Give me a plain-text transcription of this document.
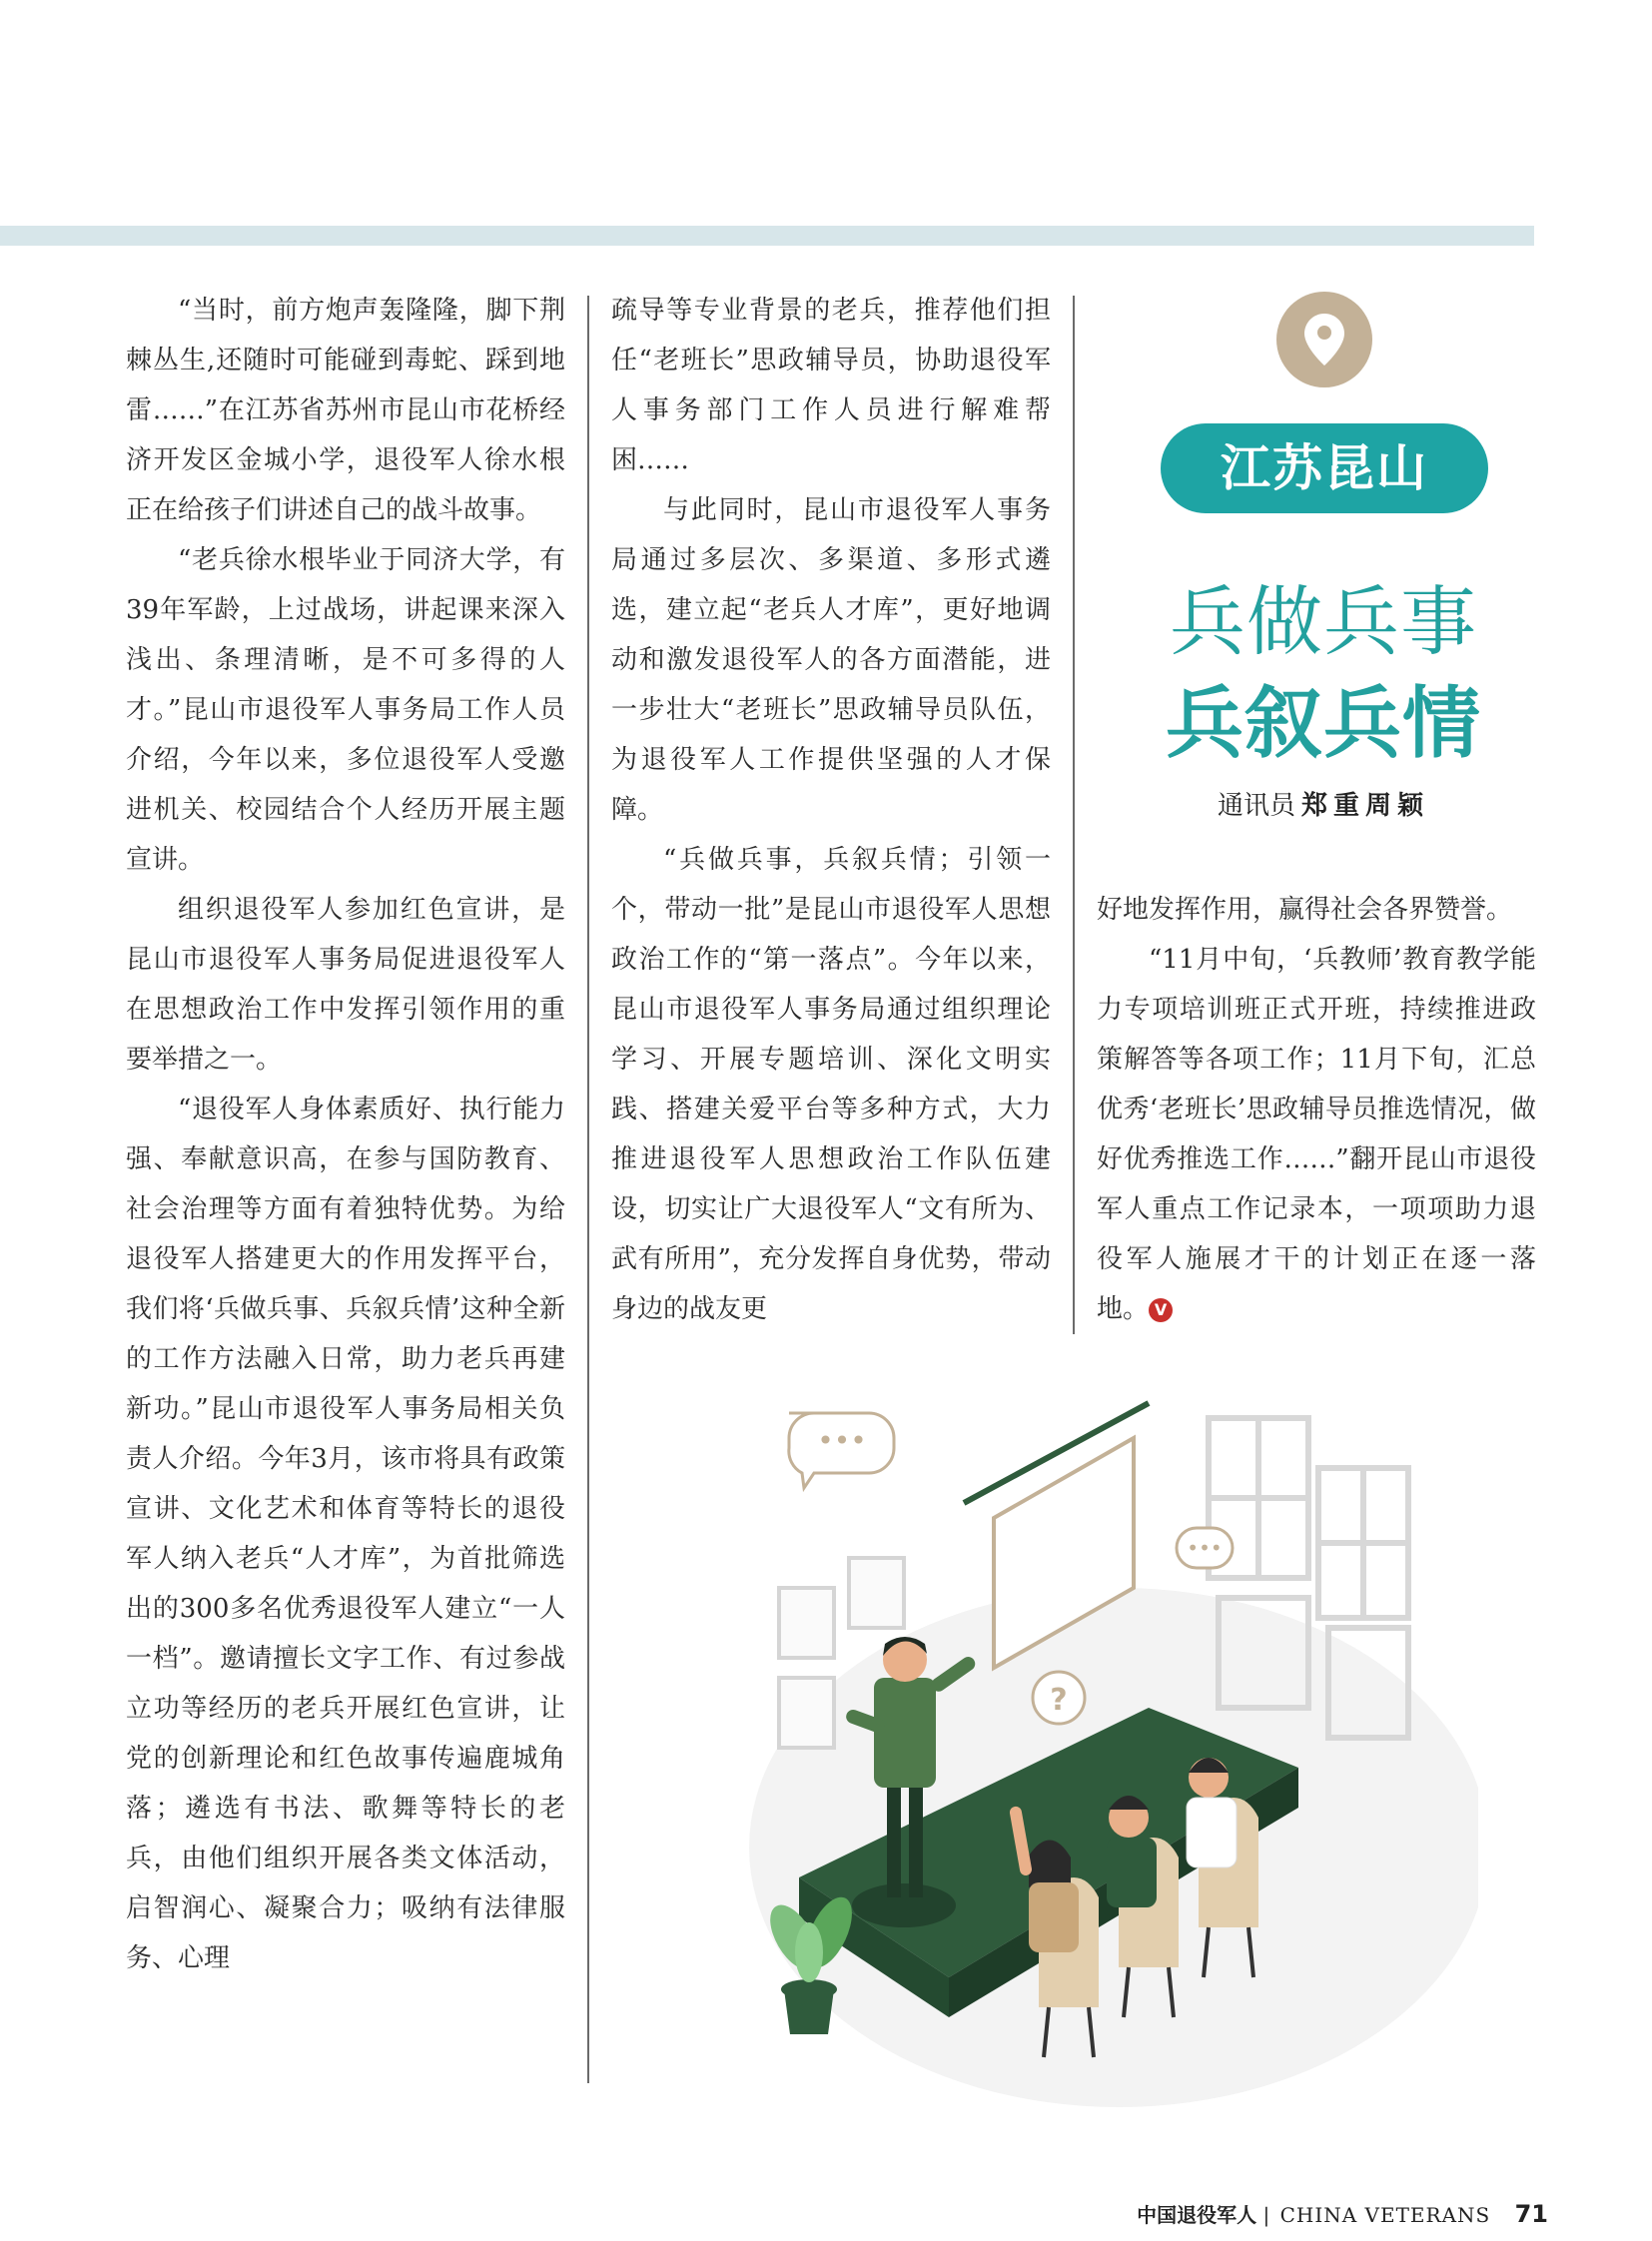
“当时，前方炮声轰隆隆，脚下荆棘丛生,还随时可能碰到毒蛇、踩到地雷……”在江苏省苏州市昆山市花桥经济开发区金城小学，退役军人徐水根正在给孩子们讲述自己的战斗故事。

“老兵徐水根毕业于同济大学，有39年军龄，上过战场，讲起课来深入浅出、条理清晰，是不可多得的人才。”昆山市退役军人事务局工作人员介绍，今年以来，多位退役军人受邀进机关、校园结合个人经历开展主题宣讲。

组织退役军人参加红色宣讲，是昆山市退役军人事务局促进退役军人在思想政治工作中发挥引领作用的重要举措之一。

“退役军人身体素质好、执行能力强、奉献意识高，在参与国防教育、社会治理等方面有着独特优势。为给退役军人搭建更大的作用发挥平台，我们将‘兵做兵事、兵叙兵情’这种全新的工作方法融入日常，助力老兵再建新功。”昆山市退役军人事务局相关负责人介绍。今年3月，该市将具有政策宣讲、文化艺术和体育等特长的退役军人纳入老兵“人才库”，为首批筛选出的300多名优秀退役军人建立“一人一档”。邀请擅长文字工作、有过参战立功等经历的老兵开展红色宣讲，让党的创新理论和红色故事传遍鹿城角落；遴选有书法、歌舞等特长的老兵，由他们组织开展各类文体活动，启智润心、凝聚合力；吸纳有法律服务、心理

疏导等专业背景的老兵，推荐他们担任“老班长”思政辅导员，协助退役军人事务部门工作人员进行解难帮困……

与此同时，昆山市退役军人事务局通过多层次、多渠道、多形式遴选，建立起“老兵人才库”，更好地调动和激发退役军人的各方面潜能，进一步壮大“老班长”思政辅导员队伍，为退役军人工作提供坚强的人才保障。

“兵做兵事，兵叙兵情；引领一个，带动一批”是昆山市退役军人思想政治工作的“第一落点”。今年以来，昆山市退役军人事务局通过组织理论学习、开展专题培训、深化文明实践、搭建关爱平台等多种方式，大力推进退役军人思想政治工作队伍建设，切实让广大退役军人“文有所为、武有所用”，充分发挥自身优势，带动身边的战友更

江苏昆山
兵做兵事
兵叙兵情
通讯员 郑重周颖

好地发挥作用，赢得社会各界赞誉。

“11月中旬，‘兵教师’教育教学能力专项培训班正式开班，持续推进政策解答等各项工作；11月下旬，汇总优秀‘老班长’思政辅导员推选情况，做好优秀推选工作……”翻开昆山市退役军人重点工作记录本，一项项助力退役军人施展才干的计划正在逐一落地。 V

•••
•••
?
中国退役军人 | CHINA VETERANS 71
